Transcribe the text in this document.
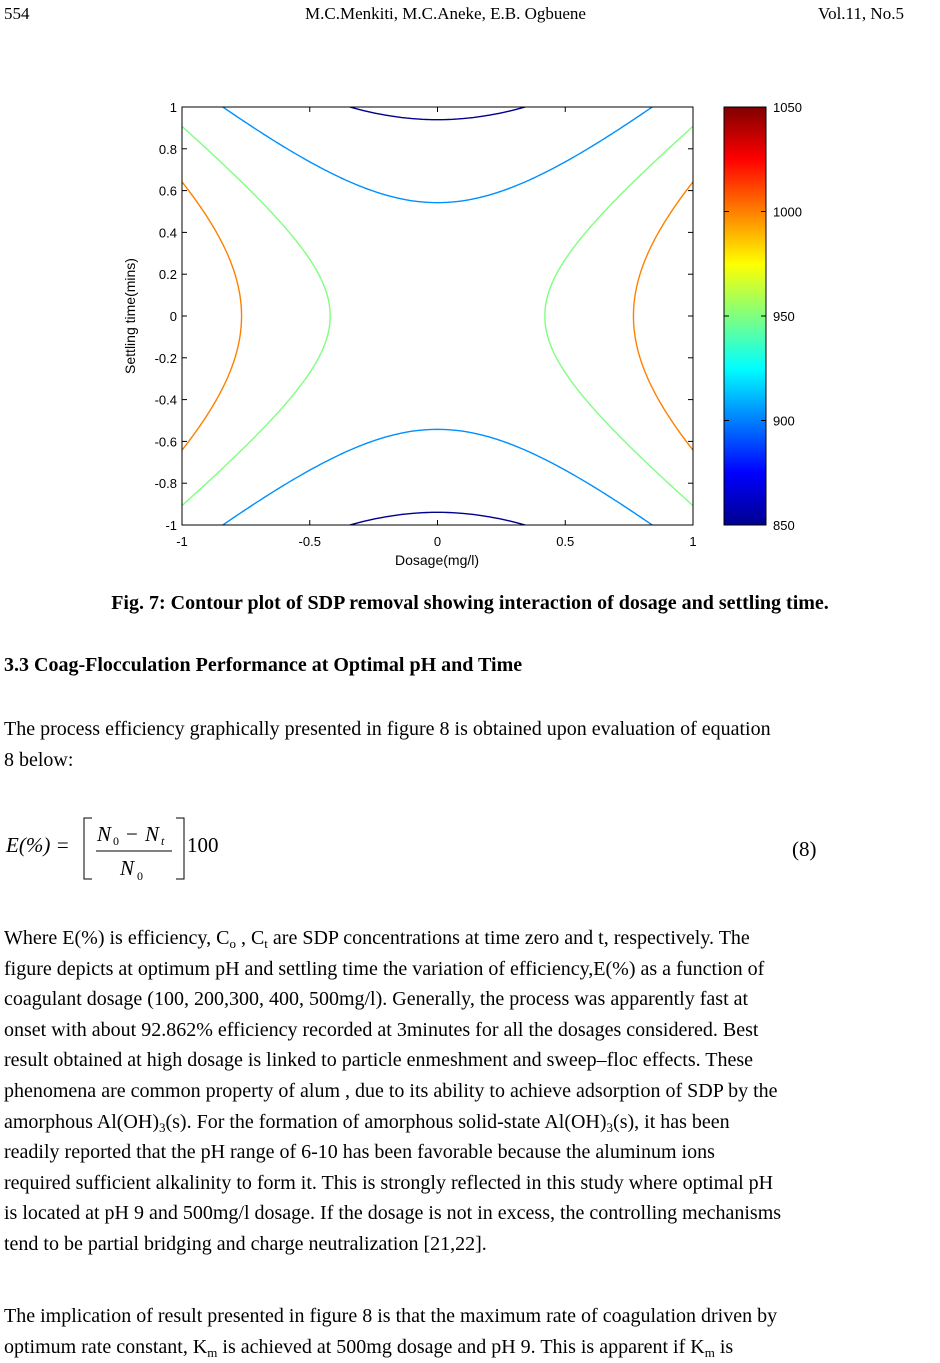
554	M.C.Menkiti, M.C.Aneke, E.B. Ogbuene	Vol.11, No.5
-1	-0.5	0	0.5	1
1
0.8
0.6
0.4
0.2
0
-0.2
-0.4
-0.6
-0.8
-1
Dosage(mg/l)
Settling time(mins)
1050
1000
950
900
850
Fig. 7: Contour plot of SDP removal showing interaction of dosage and settling time.
3.3 Coag-Flocculation Performance at Optimal pH and Time
The process efficiency graphically presented in figure 8 is obtained upon evaluation of equation
8 below:
E(%) = N 0 − N t
N 0
100	(8)
Where E(%) is efficiency, $C_o$ , $C_t$ are SDP concentrations at time zero and t, respectively. The
figure depicts at optimum pH and settling time the variation of efficiency,E(%) as a function of
coagulant dosage (100, 200,300, 400, 500mg/l). Generally, the process was apparently fast at
onset with about 92.862% efficiency recorded at 3minutes for all the dosages considered. Best
result obtained at high dosage is linked to particle enmeshment and sweep–floc effects. These
phenomena are common property of alum , due to its ability to achieve adsorption of SDP by the
amorphous $Al(OH)_3(s)$. For the formation of amorphous solid-state $Al(OH)_3(s)$, it has been
readily reported that the pH range of 6-10 has been favorable because the aluminum ions
required sufficient alkalinity to form it. This is strongly reflected in this study where optimal pH
is located at pH 9 and 500mg/l dosage. If the dosage is not in excess, the controlling mechanisms
tend to be partial bridging and charge neutralization [21,22].
The implication of result presented in figure 8 is that the maximum rate of coagulation driven by
optimum rate constant, $K_m$ is achieved at 500mg dosage and pH 9. This is apparent if $K_m$ is
